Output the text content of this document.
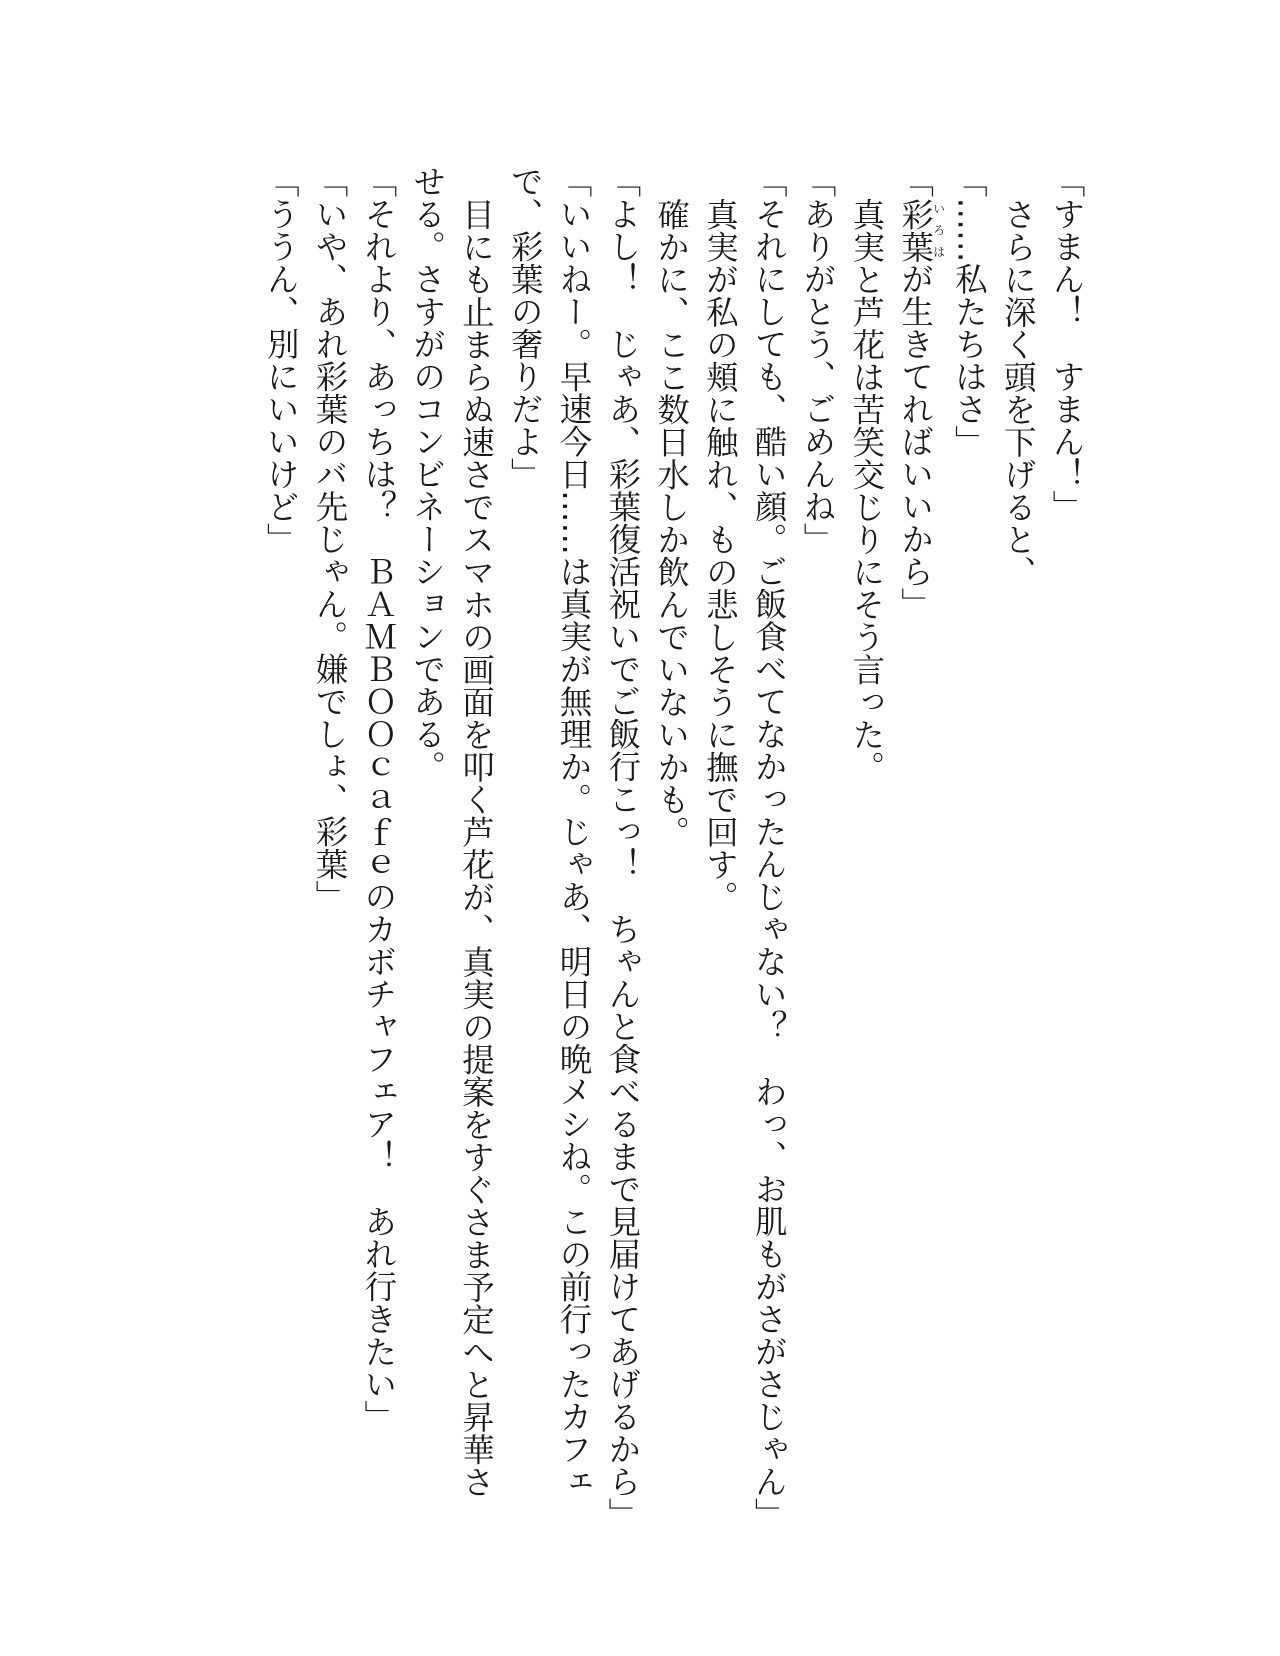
「すまん！　すまん！」

さらに深く頭を下げると、

「……私たちはさ」

「彩葉いろはが生きてればいいから」

真実と芦花は苦笑交じりにそう言った。

「ありがとう、ごめんね」

「それにしても、酷い顔。ご飯食べてなかったんじゃない？　わっ、お肌もがさがさじゃん」

真実が私の頬に触れ、もの悲しそうに撫で回す。

確かに、ここ数日水しか飲んでいないかも。

「よし！　じゃあ、彩葉復活祝いでご飯行こっ！　ちゃんと食べるまで見届けてあげるから」

「いいねー。早速今日……は真実が無理か。じゃあ、明日の晩メシね。この前行ったカフェで、彩葉の奢りだよ」

目にも止まらぬ速さでスマホの画面を叩く芦花が、真実の提案をすぐさま予定へと昇華させる。さすがのコンビネーションである。

「それより、あっちは？　ＢＡＭＢＯＯｃａｆｅのカボチャフェア！　あれ行きたい」

「いや、あれ彩葉のバ先じゃん。嫌でしょ、彩葉」

「ううん、別にいいけど」
